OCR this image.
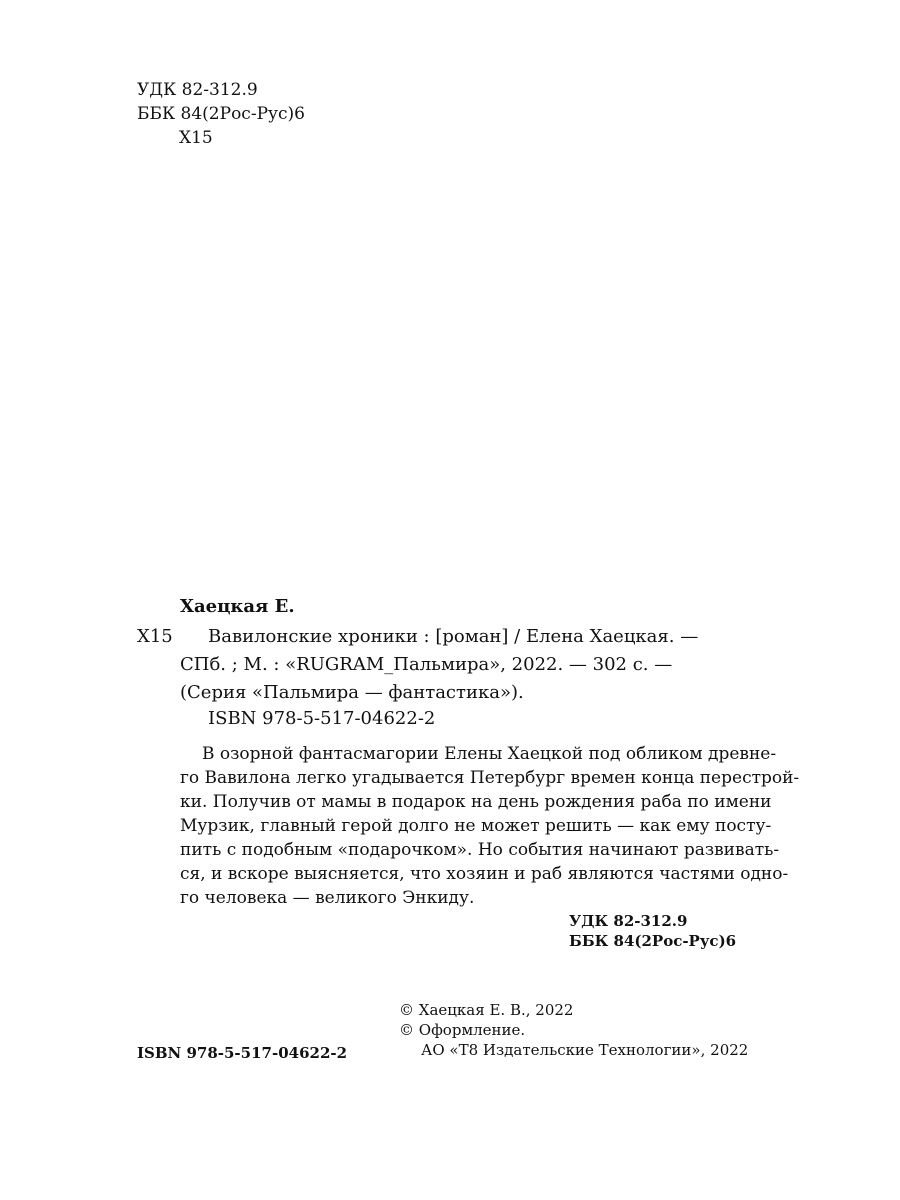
УДК 82-312.9
ББК 84(2Рос-Рус)6
Х15
Хаецкая Е.
Х15 Вавилонские хроники : [роман] / Елена Хаецкая. —
СПб. ; М. : «RUGRAM_Пальмира», 2022. — 302 с. —
(Серия «Пальмира — фантастика»).
ISBN 978-5-517-04622-2
В озорной фантасмагории Елены Хаецкой под обликом древне-
го Вавилона легко угадывается Петербург времен конца перестрой-
ки. Получив от мамы в подарок на день рождения раба по имени
Мурзик, главный герой долго не может решить — как ему посту-
пить с подобным «подарочком». Но события начинают развивать-
ся, и вскоре выясняется, что хозяин и раб являются частями одно-
го человека — великого Энкиду.
УДК 82-312.9
ББК 84(2Рос-Рус)6
© Хаецкая Е. В., 2022
© Оформление.
АО «Т8 Издательские Технологии», 2022
ISBN 978-5-517-04622-2
